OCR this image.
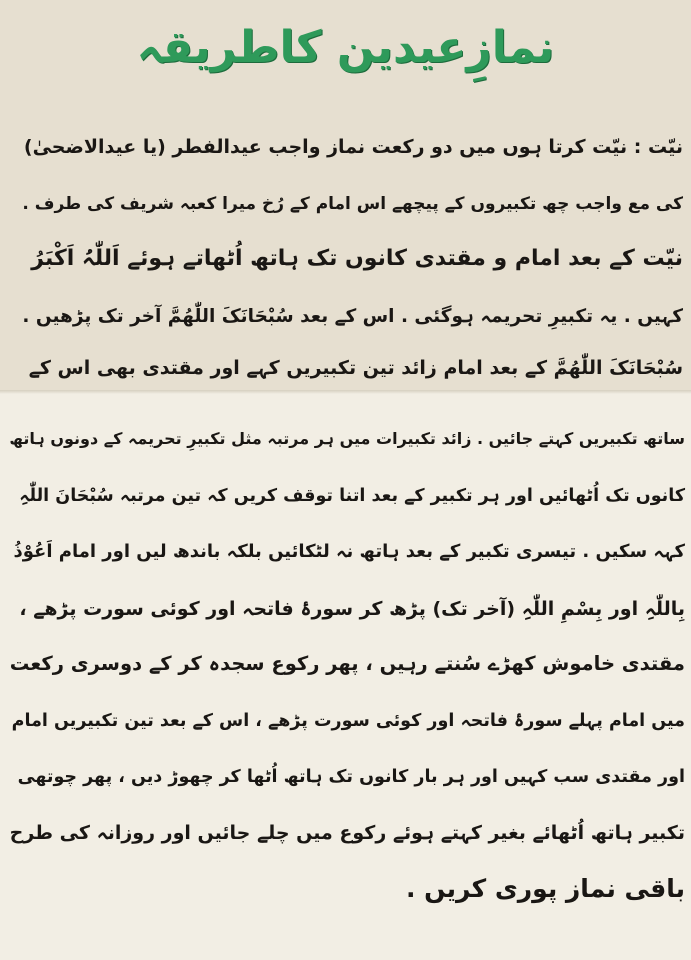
نمازِعیدین کاطریقہ
نیّت : نیّت کرتا ہوں میں دو رکعت نماز واجب عیدالفطر (یا عیدالاضحیٰ)
کی مع واجب چھ تکبیروں کے پیچھے اس امام کے رُخ میرا کعبہ شریف کی طرف .
نیّت کے بعد امام و مقتدی کانوں تک ہاتھ اُٹھاتے ہوئے اَللّٰہُ اَکْبَرُ
کہیں . یہ تکبیرِ تحریمہ ہوگئی . اس کے بعد سُبْحَانَکَ اللّٰھُمَّ آخر تک پڑھیں .
سُبْحَانَکَ اللّٰھُمَّ کے بعد امام زائد تین تکبیریں کہے اور مقتدی بھی اس کے
ساتھ تکبیریں کہتے جائیں . زائد تکبیرات میں ہر مرتبہ مثل تکبیرِ تحریمہ کے دونوں ہاتھ
کانوں تک اُٹھائیں اور ہر تکبیر کے بعد اتنا توقف کریں کہ تین مرتبہ سُبْحَانَ اللّٰہِ
کہہ سکیں . تیسری تکبیر کے بعد ہاتھ نہ لٹکائیں بلکہ باندھ لیں اور امام اَعُوْذُ
بِاللّٰہِ اور بِسْمِ اللّٰہِ (آخر تک) پڑھ کر سورۂ فاتحہ اور کوئی سورت پڑھے ،
مقتدی خاموش کھڑے سُنتے رہیں ، پھر رکوع سجدہ کر کے دوسری رکعت
میں امام پہلے سورۂ فاتحہ اور کوئی سورت پڑھے ، اس کے بعد تین تکبیریں امام
اور مقتدی سب کہیں اور ہر بار کانوں تک ہاتھ اُٹھا کر چھوڑ دیں ، پھر چوتھی
تکبیر ہاتھ اُٹھائے بغیر کہتے ہوئے رکوع میں چلے جائیں اور روزانہ کی طرح
باقی نماز پوری کریں .
